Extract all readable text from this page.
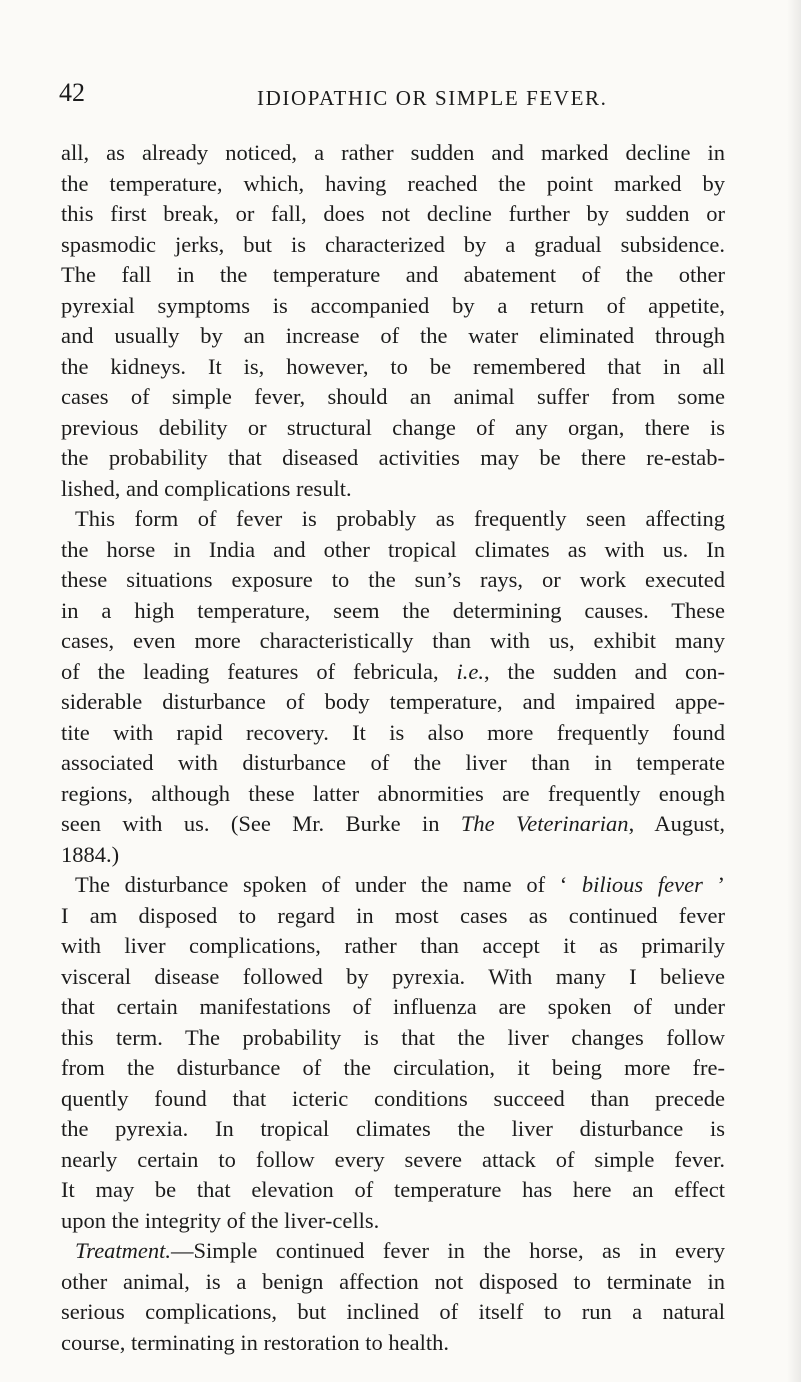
42	IDIOPATHIC OR SIMPLE FEVER.
all, as already noticed, a rather sudden and marked decline in
the temperature, which, having reached the point marked by
this first break, or fall, does not decline further by sudden or
spasmodic jerks, but is characterized by a gradual subsidence.
The fall in the temperature and abatement of the other
pyrexial symptoms is accompanied by a return of appetite,
and usually by an increase of the water eliminated through
the kidneys. It is, however, to be remembered that in all
cases of simple fever, should an animal suffer from some
previous debility or structural change of any organ, there is
the probability that diseased activities may be there re-estab-
lished, and complications result.
This form of fever is probably as frequently seen affecting
the horse in India and other tropical climates as with us. In
these situations exposure to the sun’s rays, or work executed
in a high temperature, seem the determining causes. These
cases, even more characteristically than with us, exhibit many
of the leading features of febricula, i.e., the sudden and con-
siderable disturbance of body temperature, and impaired appe-
tite with rapid recovery. It is also more frequently found
associated with disturbance of the liver than in temperate
regions, although these latter abnormities are frequently enough
seen with us. (See Mr. Burke in The Veterinarian, August,
1884.)
The disturbance spoken of under the name of ‘ bilious fever ’
I am disposed to regard in most cases as continued fever
with liver complications, rather than accept it as primarily
visceral disease followed by pyrexia. With many I believe
that certain manifestations of influenza are spoken of under
this term. The probability is that the liver changes follow
from the disturbance of the circulation, it being more fre-
quently found that icteric conditions succeed than precede
the pyrexia. In tropical climates the liver disturbance is
nearly certain to follow every severe attack of simple fever.
It may be that elevation of temperature has here an effect
upon the integrity of the liver-cells.
Treatment.—Simple continued fever in the horse, as in every
other animal, is a benign affection not disposed to terminate in
serious complications, but inclined of itself to run a natural
course, terminating in restoration to health.
